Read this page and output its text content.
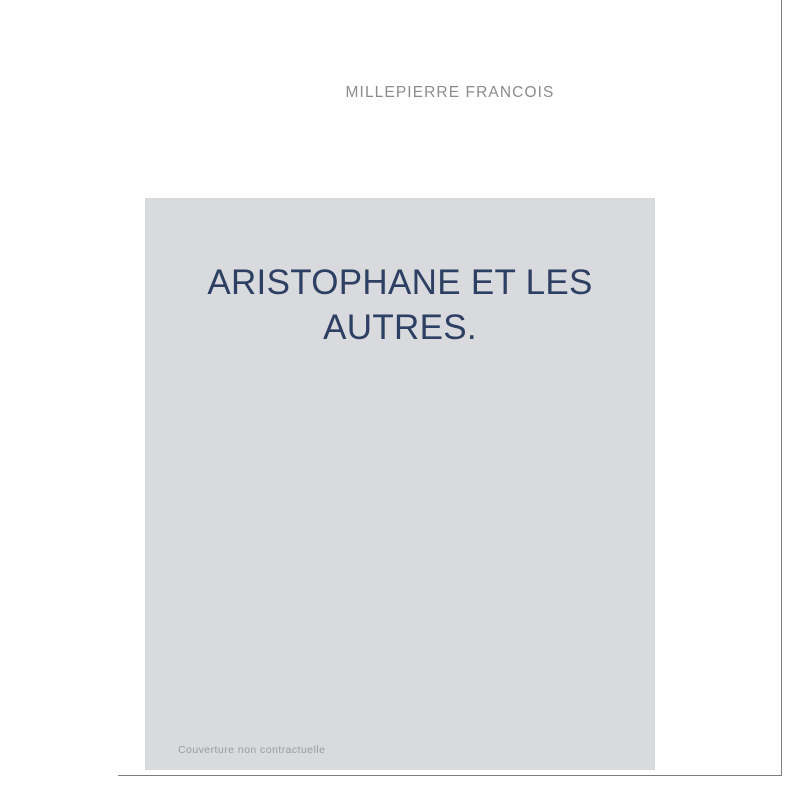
MILLEPIERRE FRANCOIS
ARISTOPHANE ET LES AUTRES.
Couverture non contractuelle
